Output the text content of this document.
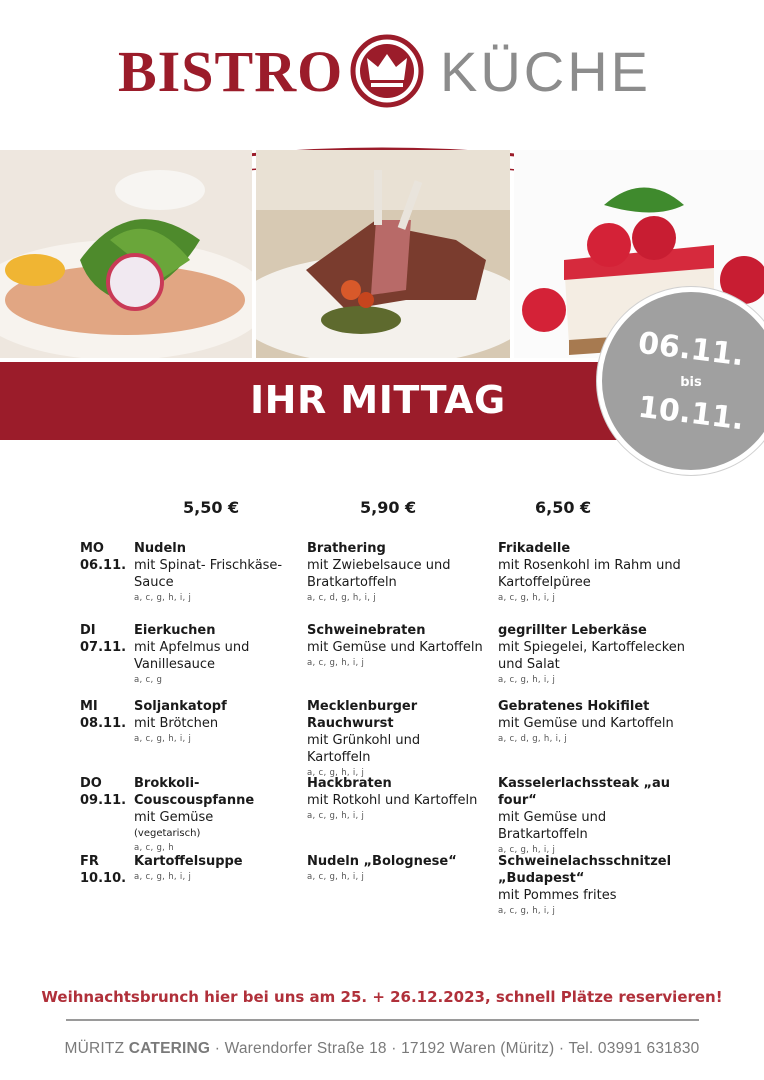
BISTRO KÜCHE
IHR MITTAG
06.11.
bis
10.11.
5,50 €	5,90 €	6,50 €
MO
06.11.
Nudeln
mit Spinat- Frischkäse-Sauce
a, c, g, h, i, j
Brathering
mit Zwiebelsauce und Bratkartoffeln
a, c, d, g, h, i, j
Frikadelle
mit Rosenkohl im Rahm und Kartoffelpüree
a, c, g, h, i, j
DI
07.11.
Eierkuchen
mit Apfelmus und Vanillesauce
a, c, g
Schweinebraten
mit Gemüse und Kartoffeln
a, c, g, h, i, j
gegrillter Leberkäse
mit Spiegelei, Kartoffelecken und Salat
a, c, g, h, i, j
MI
08.11.
Soljankatopf
mit Brötchen
a, c, g, h, i, j
Mecklenburger Rauchwurst
mit Grünkohl und Kartoffeln
a, c, g, h, i, j
Gebratenes Hokifilet
mit Gemüse und Kartoffeln
a, c, d, g, h, i, j
DO
09.11.
Brokkoli- Couscouspfanne
mit Gemüse
(vegetarisch)
a, c, g, h
Hackbraten
mit Rotkohl und Kartoffeln
a, c, g, h, i, j
Kasselerlachssteak „au four“
mit Gemüse und Bratkartoffeln
a, c, g, h, i, j
FR
10.10.
Kartoffelsuppe
a, c, g, h, i, j
Nudeln „Bolognese“
a, c, g, h, i, j
Schweinelachsschnitzel „Budapest“
mit Pommes frites
a, c, g, h, i, j
Weihnachtsbrunch hier bei uns am 25. + 26.12.2023, schnell Plätze reservieren!
MÜRITZ CATERING · Warendorfer Straße 18 · 17192 Waren (Müritz) · Tel. 03991 631830
